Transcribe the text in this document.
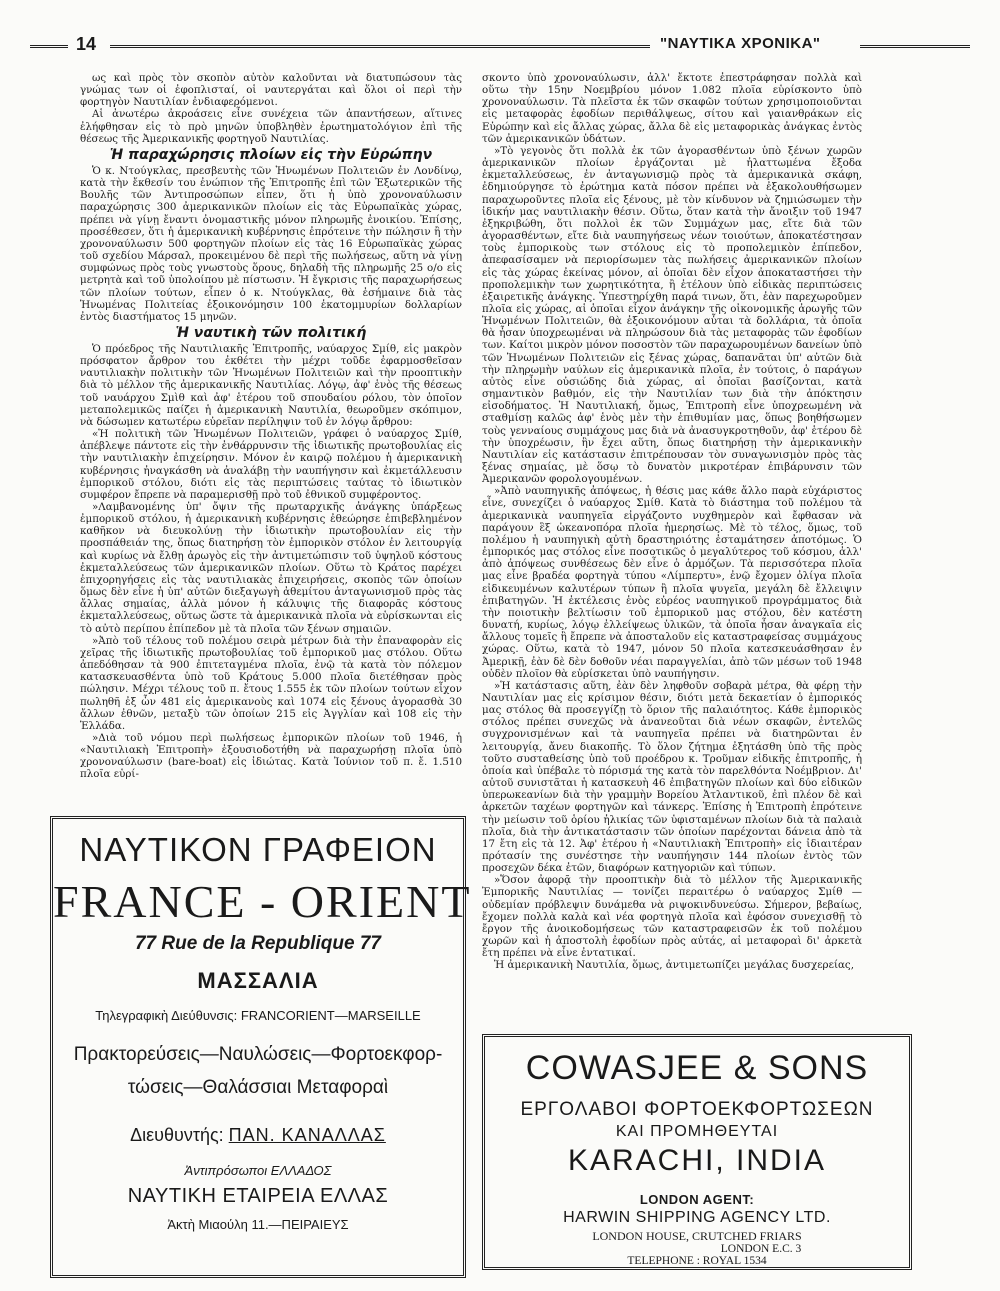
14	"ΝΑΥΤΙΚΑ ΧΡΟΝΙΚΑ"

ως καὶ πρὸς τὸν σκοπὸν αὐτὸν καλοῦνται νὰ διατυπώσουν τὰς γνώμας των οἱ ἐφοπλισταί, οἱ ναυτεργάται καὶ ὅλοι οἱ περὶ τὴν φορτηγὸν Ναυτιλίαν ἐνδιαφερόμενοι.

Αἱ ἀνωτέρω ἀκροάσεις εἶνε συνέχεια τῶν ἀπαντήσεων, αἵτινες ἐλήφθησαν εἰς τὸ πρὸ μηνῶν ὑποβληθὲν ἐρωτηματολόγιον ἐπὶ τῆς θέσεως τῆς Ἀμερικανικῆς φορτηγοῦ Ναυτιλίας.

Ἡ παραχώρησις πλοίων εἰς τὴν Εὐρώπην

Ὁ κ. Ντούγκλας, πρεσβευτὴς τῶν Ἡνωμένων Πολιτειῶν ἐν Λονδίνῳ, κατὰ τὴν ἔκθεσίν του ἐνώπιον τῆς Ἐπιτροπῆς ἐπὶ τῶν Ἐξωτερικῶν τῆς Βουλῆς τῶν Ἀντιπροσώπων εἶπεν, ὅτι ἡ ὑπὸ χρονοναύλωσιν παραχώρησις 300 ἀμερικανικῶν πλοίων εἰς τὰς Εὐρωπαϊκὰς χώρας, πρέπει νὰ γίνῃ ἔναντι ὀνομαστικῆς μόνον πληρωμῆς ἐνοικίου. Ἐπίσης, προσέθεσεν, ὅτι ἡ ἀμερικανικὴ κυβέρνησις ἐπρότεινε τὴν πώλησιν ἢ τὴν χρονοναύλωσιν 500 φορτηγῶν πλοίων εἰς τὰς 16 Εὐρωπαϊκὰς χώρας τοῦ σχεδίου Μάρσαλ, προκειμένου δὲ περὶ τῆς πωλήσεως, αὕτη νὰ γίνῃ συμφώνως πρὸς τοὺς γνωστοὺς ὅρους, δηλαδὴ τῆς πληρωμῆς 25 ο/ο εἰς μετρητὰ καὶ τοῦ ὑπολοίπου μὲ πίστωσιν. Ἡ ἔγκρισις τῆς παραχωρήσεως τῶν πλοίων τούτων, εἶπεν ὁ κ. Ντούγκλας, θὰ ἐσήμαινε διὰ τὰς Ἡνωμένας Πολιτείας ἐξοικονόμησιν 100 ἑκατομμυρίων δολλαρίων ἐντὸς διαστήματος 15 μηνῶν.

Ἡ ναυτικὴ τῶν πολιτική

Ὁ πρόεδρος τῆς Ναυτιλιακῆς Ἐπιτροπῆς, ναύαρχος Σμίθ, εἰς μακρὸν πρόσφατον ἄρθρον του ἐκθέτει τὴν μέχρι τοῦδε ἐφαρμοσθεῖσαν ναυτιλιακὴν πολιτικὴν τῶν Ἡνωμένων Πολιτειῶν καὶ τὴν προοπτικὴν διὰ τὸ μέλλον τῆς ἀμερικανικῆς Ναυτιλίας. Λόγῳ, ἀφ' ἑνὸς τῆς θέσεως τοῦ ναυάρχου Σμὶθ καὶ ἀφ' ἑτέρου τοῦ σπουδαίου ρόλου, τὸν ὁποῖον μεταπολεμικῶς παίζει ἡ ἀμερικανικὴ Ναυτιλία, θεωροῦμεν σκόπιμον, νὰ δώσωμεν κατωτέρω εὐρεῖαν περίληψιν τοῦ ἐν λόγῳ ἄρθρου:

«Ἡ πολιτικὴ τῶν Ἡνωμένων Πολιτειῶν, γράφει ὁ ναύαρχος Σμίθ, ἀπέβλεψε πάντοτε εἰς τὴν ἐνθάρρυνσιν τῆς ἰδιωτικῆς πρωτοβουλίας εἰς τὴν ναυτιλιακὴν ἐπιχείρησιν. Μόνον ἐν καιρῷ πολέμου ἡ ἀμερικανικὴ κυβέρνησις ἠναγκάσθη νὰ ἀναλάβῃ τὴν ναυπήγησιν καὶ ἐκμετάλλευσιν ἐμπορικοῦ στόλου, διότι εἰς τὰς περιπτώσεις ταύτας τὸ ἰδιωτικὸν συμφέρον ἔπρεπε νὰ παραμερισθῇ πρὸ τοῦ ἐθνικοῦ συμφέροντος.

»Λαμβανομένης ὑπ' ὄψιν τῆς πρωταρχικῆς ἀνάγκης ὑπάρξεως ἐμπορικοῦ στόλου, ἡ ἀμερικανικὴ κυβέρνησις ἐθεώρησε ἐπιβεβλημένον καθῆκον νὰ διευκολύνῃ τὴν ἰδιωτικὴν πρωτοβουλίαν εἰς τὴν προσπάθειάν της, ὅπως διατηρήσῃ τὸν ἐμπορικὸν στόλον ἐν λειτουργίᾳ καὶ κυρίως νὰ ἔλθῃ ἀρωγὸς εἰς τὴν ἀντιμετώπισιν τοῦ ὑψηλοῦ κόστους ἐκμεταλλεύσεως τῶν ἀμερικανικῶν πλοίων. Οὕτω τὸ Κράτος παρέχει ἐπιχορηγήσεις εἰς τὰς ναυτιλιακὰς ἐπιχειρήσεις, σκοπὸς τῶν ὁποίων ὅμως δὲν εἶνε ἡ ὑπ' αὐτῶν διεξαγωγὴ ἀθεμίτου ἀνταγωνισμοῦ πρὸς τὰς ἄλλας σημαίας, ἀλλὰ μόνον ἡ κάλυψις τῆς διαφορᾶς κόστους ἐκμεταλλεύσεως, οὕτως ὥστε τὰ ἀμερικανικὰ πλοῖα νὰ εὑρίσκωνται εἰς τὸ αὐτὸ περίπου ἐπίπεδον μὲ τὰ πλοῖα τῶν ξένων σημαιῶν.

»Ἀπὸ τοῦ τέλους τοῦ πολέμου σειρὰ μέτρων διὰ τὴν ἐπαναφορὰν εἰς χεῖρας τῆς ἰδιωτικῆς πρωτοβουλίας τοῦ ἐμπορικοῦ μας στόλου. Οὕτω ἀπεδόθησαν τὰ 900 ἐπιτεταγμένα πλοῖα, ἐνῷ τὰ κατὰ τὸν πόλεμον κατασκευασθέντα ὑπὸ τοῦ Κράτους 5.000 πλοῖα διετέθησαν πρὸς πώλησιν. Μέχρι τέλους τοῦ π. ἔτους 1.555 ἐκ τῶν πλοίων τούτων εἶχον πωληθῆ ἐξ ὧν 481 εἰς ἀμερικανοὺς καὶ 1074 εἰς ξένους ἀγορασθὰ 30 ἄλλων ἐθνῶν, μεταξὺ τῶν ὁποίων 215 εἰς Ἀγγλίαν καὶ 108 εἰς τὴν Ἑλλάδα.

»Διὰ τοῦ νόμου περὶ πωλήσεως ἐμπορικῶν πλοίων τοῦ 1946, ἡ «Ναυτιλιακὴ Ἐπιτροπὴ» ἐξουσιοδοτήθη νὰ παραχωρήσῃ πλοῖα ὑπὸ χρονοναύλωσιν (bare-boat) εἰς ἰδιώτας. Κατὰ Ἰούνιον τοῦ π. ἔ. 1.510 πλοῖα εὑρί-

σκοντο ὑπὸ χρονοναύλωσιν, ἀλλ' ἔκτοτε ἐπεστράφησαν πολλὰ καὶ οὕτω τὴν 15ην Νοεμβρίου μόνον 1.082 πλοῖα εὑρίσκοντο ὑπὸ χρονοναύλωσιν. Τὰ πλεῖστα ἐκ τῶν σκαφῶν τούτων χρησιμοποιοῦνται εἰς μεταφορὰς ἐφοδίων περιθάλψεως, σίτου καὶ γαιανθράκων εἰς Εὐρώπην καὶ εἰς ἄλλας χώρας, ἄλλα δὲ εἰς μεταφορικὰς ἀνάγκας ἐντὸς τῶν ἀμερικανικῶν ὑδάτων.

»Τὸ γεγονὸς ὅτι πολλὰ ἐκ τῶν ἀγορασθέντων ὑπὸ ξένων χωρῶν ἀμερικανικῶν πλοίων ἐργάζονται μὲ ἠλαττωμένα ἔξοδα ἐκμεταλλεύσεως, ἐν ἀνταγωνισμῷ πρὸς τὰ ἀμερικανικὰ σκάφη, ἐδημιούργησε τὸ ἐρώτημα κατὰ πόσον πρέπει νὰ ἐξακολουθήσωμεν παραχωροῦντες πλοῖα εἰς ξένους, μὲ τὸν κίνδυνον νὰ ζημιώσωμεν τὴν ἰδικήν μας ναυτιλιακὴν θέσιν. Οὕτω, ὅταν κατὰ τὴν ἄνοιξιν τοῦ 1947 ἐξηκριβώθη, ὅτι πολλοὶ ἐκ τῶν Συμμάχων μας, εἴτε διὰ τῶν ἀγορασθέντων, εἴτε διὰ ναυπηγήσεως νέων τοιούτων, ἀποκατέστησαν τοὺς ἐμπορικοὺς των στόλους εἰς τὸ προπολεμικὸν ἐπίπεδον, ἀπεφασίσαμεν νὰ περιορίσωμεν τὰς πωλήσεις ἀμερικανικῶν πλοίων εἰς τὰς χώρας ἐκείνας μόνον, αἱ ὁποῖαι δὲν εἶχον ἀποκαταστήσει τὴν προπολεμικὴν των χωρητικότητα, ἢ ἑτέλουν ὑπὸ εἰδικὰς περιπτώσεις ἐξαιρετικῆς ἀνάγκης. Ὑπεστηρίχθη παρά τινων, ὅτι, ἐὰν παρεχωροῦμεν πλοῖα εἰς χώρας, αἱ ὁποῖαι εἶχον ἀνάγκην τῆς οἰκονομικῆς ἀρωγῆς τῶν Ἡνωμένων Πολιτειῶν, θὰ ἐξοικονόμουν αὗται τὰ δολλάρια, τὰ ὁποῖα θὰ ἦσαν ὑποχρεωμέναι νὰ πληρώσουν διὰ τὰς μεταφορὰς τῶν ἐφοδίων των. Καίτοι μικρὸν μόνον ποσοστὸν τῶν παραχωρουμένων δανείων ὑπὸ τῶν Ἡνωμένων Πολιτειῶν εἰς ξένας χώρας, δαπανᾶται ὑπ' αὐτῶν διὰ τὴν πληρωμὴν ναύλων εἰς ἀμερικανικὰ πλοῖα, ἐν τούτοις, ὁ παράγων αὐτὸς εἶνε οὐσιώδης διὰ χώρας, αἱ ὁποῖαι βασίζονται, κατὰ σημαντικὸν βαθμόν, εἰς τὴν Ναυτιλίαν των διὰ τὴν ἀπόκτησιν εἰσοδήματος. Ἡ Ναυτιλιακή, ὅμως, Ἐπιτροπὴ εἶνε ὑποχρεωμένη νὰ σταθμίσῃ καλῶς ἀφ' ἑνὸς μὲν τὴν ἐπιθυμίαν μας, ὅπως βοηθήσωμεν τοὺς γενναίους συμμάχους μας διὰ νὰ ἀνασυγκροτηθοῦν, ἀφ' ἑτέρου δὲ τὴν ὑποχρέωσιν, ἣν ἔχει αὕτη, ὅπως διατηρήσῃ τὴν ἀμερικανικὴν Ναυτιλίαν εἰς κατάστασιν ἐπιτρέπουσαν τὸν συναγωνισμὸν πρὸς τὰς ξένας σημαίας, μὲ ὅσῳ τὸ δυνατὸν μικροτέραν ἐπιβάρυνσιν τῶν Ἀμερικανῶν φορολογουμένων.

»Ἀπὸ ναυπηγικῆς ἀπόψεως, ἡ θέσις μας κάθε ἄλλο παρὰ εὐχάριστος εἶνε, συνεχίζει ὁ ναύαρχος Σμίθ. Κατὰ τὸ διάστημα τοῦ πολέμου τὰ ἀμερικανικὰ ναυπηγεῖα εἰργάζοντο νυχθημερὸν καὶ ἔφθασαν νὰ παράγουν ἓξ ὠκεανοπόρα πλοῖα ἡμερησίως. Μὲ τὸ τέλος, ὅμως, τοῦ πολέμου ἡ ναυπηγικὴ αὐτὴ δραστηριότης ἐσταμάτησεν ἀποτόμως. Ὁ ἐμπορικός μας στόλος εἶνε ποσοτικῶς ὁ μεγαλύτερος τοῦ κόσμου, ἀλλ' ἀπὸ ἀπόψεως συνθέσεως δὲν εἶνε ὁ ἁρμόζων. Τὰ περισσότερα πλοῖα μας εἶνε βραδέα φορτηγὰ τύπου «Λίμπερτυ», ἐνῷ ἔχομεν ὀλίγα πλοῖα εἰδικευμένων καλυτέρων τύπων ἢ πλοῖα ψυγεῖα, μεγάλη δὲ ἔλλειψιν ἐπιβατηγῶν. Ἡ ἐκτέλεσις ἑνὸς εὐρέος ναυπηγικοῦ προγράμματος διὰ τὴν ποιοτικὴν βελτίωσιν τοῦ ἐμπορικοῦ μας στόλου, δὲν κατέστη δυνατή, κυρίως, λόγῳ ἐλλείψεως ὑλικῶν, τὰ ὁποῖα ἦσαν ἀναγκαῖα εἰς ἄλλους τομεῖς ἢ ἔπρεπε νὰ ἀποσταλοῦν εἰς καταστραφείσας συμμάχους χώρας. Οὕτω, κατὰ τὸ 1947, μόνον 50 πλοῖα κατεσκευάσθησαν ἐν Ἀμερικῇ, ἐὰν δὲ δὲν δοθοῦν νέαι παραγγελίαι, ἀπὸ τῶν μέσων τοῦ 1948 οὐδὲν πλοῖον θὰ εὑρίσκεται ὑπὸ ναυπήγησιν.

»Ἡ κατάστασις αὕτη, ἐὰν δὲν ληφθοῦν σοβαρὰ μέτρα, θὰ φέρῃ τὴν Ναυτιλίαν μας εἰς κρίσιμον θέσιν, διότι μετὰ δεκαετίαν ὁ ἐμπορικός μας στόλος θὰ προσεγγίζῃ τὸ ὅριον τῆς παλαιότητος. Κάθε ἐμπορικὸς στόλος πρέπει συνεχῶς νὰ ἀνανεοῦται διὰ νέων σκαφῶν, ἐντελῶς συγχρονισμένων καὶ τὰ ναυπηγεῖα πρέπει νὰ διατηρῶνται ἐν λειτουργίᾳ, ἄνευ διακοπῆς. Τὸ ὅλον ζήτημα ἐξητάσθη ὑπὸ τῆς πρὸς τοῦτο συσταθείσης ὑπὸ τοῦ προέδρου κ. Τροῦμαν εἰδικῆς ἐπιτροπῆς, ἡ ὁποία καὶ ὑπέβαλε τὸ πόρισμά της κατὰ τὸν παρελθόντα Νοέμβριον. Δι' αὐτοῦ συνιστᾶται ἡ κατασκευὴ 46 ἐπιβατηγῶν πλοίων καὶ δύο εἰδικῶν ὑπερωκεανίων διὰ τὴν γραμμὴν Βορείου Ἀτλαντικοῦ, ἐπὶ πλέον δὲ καὶ ἀρκετῶν ταχέων φορτηγῶν καὶ τάνκερς. Ἐπίσης ἡ Ἐπιτροπὴ ἐπρότεινε τὴν μείωσιν τοῦ ὁρίου ἡλικίας τῶν ὑφισταμένων πλοίων διὰ τὰ παλαιὰ πλοῖα, διὰ τὴν ἀντικατάστασιν τῶν ὁποίων παρέχονται δάνεια ἀπὸ τὰ 17 ἔτη εἰς τὰ 12. Ἀφ' ἑτέρου ἡ «Ναυτιλιακὴ Ἐπιτροπὴ» εἰς ἰδιαιτέραν πρότασίν της συνέστησε τὴν ναυπήγησιν 144 πλοίων ἐντὸς τῶν προσεχῶν δέκα ἐτῶν, διαφόρων κατηγοριῶν καὶ τύπων.

»Ὅσον ἀφορᾷ τὴν προοπτικὴν διὰ τὸ μέλλον τῆς Ἀμερικανικῆς Ἐμπορικῆς Ναυτιλίας — τονίζει περαιτέρω ὁ ναύαρχος Σμίθ — οὐδεμίαν πρόβλεψιν δυνάμεθα νὰ ριψοκινδυνεύσω. Σήμερον, βεβαίως, ἔχομεν πολλὰ καλὰ καὶ νέα φορτηγὰ πλοῖα καὶ ἐφόσον συνεχισθῇ τὸ ἔργον τῆς ἀνοικοδομήσεως τῶν καταστραφεισῶν ἐκ τοῦ πολέμου χωρῶν καὶ ἡ ἀποστολὴ ἐφοδίων πρὸς αὐτάς, αἱ μεταφοραὶ δι' ἀρκετὰ ἔτη πρέπει νὰ εἶνε ἐντατικαί.

Ἡ ἀμερικανικὴ Ναυτιλία, ὅμως, ἀντιμετωπίζει μεγάλας δυσχερείας,

ΝΑΥΤΙΚΟΝ ΓΡΑΦΕΙΟΝ
FRANCE - ORIENT
77 Rue de la Republique 77
ΜΑΣΣΑΛΙΑ
Τηλεγραφικὴ Διεύθυνσις: FRANCORIENT—MARSEILLE
Πρακτορεύσεις—Ναυλώσεις—Φορτοεκφορ-
τώσεις—Θαλάσσιαι Μεταφοραὶ
Διευθυντής: ΠΑΝ. ΚΑΝΑΛΛΑΣ
Ἀντιπρόσωποι ΕΛΛΑΔΟΣ
ΝΑΥΤΙΚΗ ΕΤΑΙΡΕΙΑ ΕΛΛΑΣ
Ἀκτὴ Μιαούλη 11.—ΠΕΙΡΑΙΕΥΣ
COWASJEE & SONS
ΕΡΓΟΛΑΒΟΙ ΦΟΡΤΟΕΚΦΟΡΤΩΣΕΩΝ
ΚΑΙ ΠΡΟΜΗΘΕΥΤΑΙ
KARACHI, INDIA
LONDON AGENT:
HARWIN SHIPPING AGENCY LTD.
LONDON HOUSE, CRUTCHED FRIARS
LONDON E.C. 3
TELEPHONE : ROYAL 1534
